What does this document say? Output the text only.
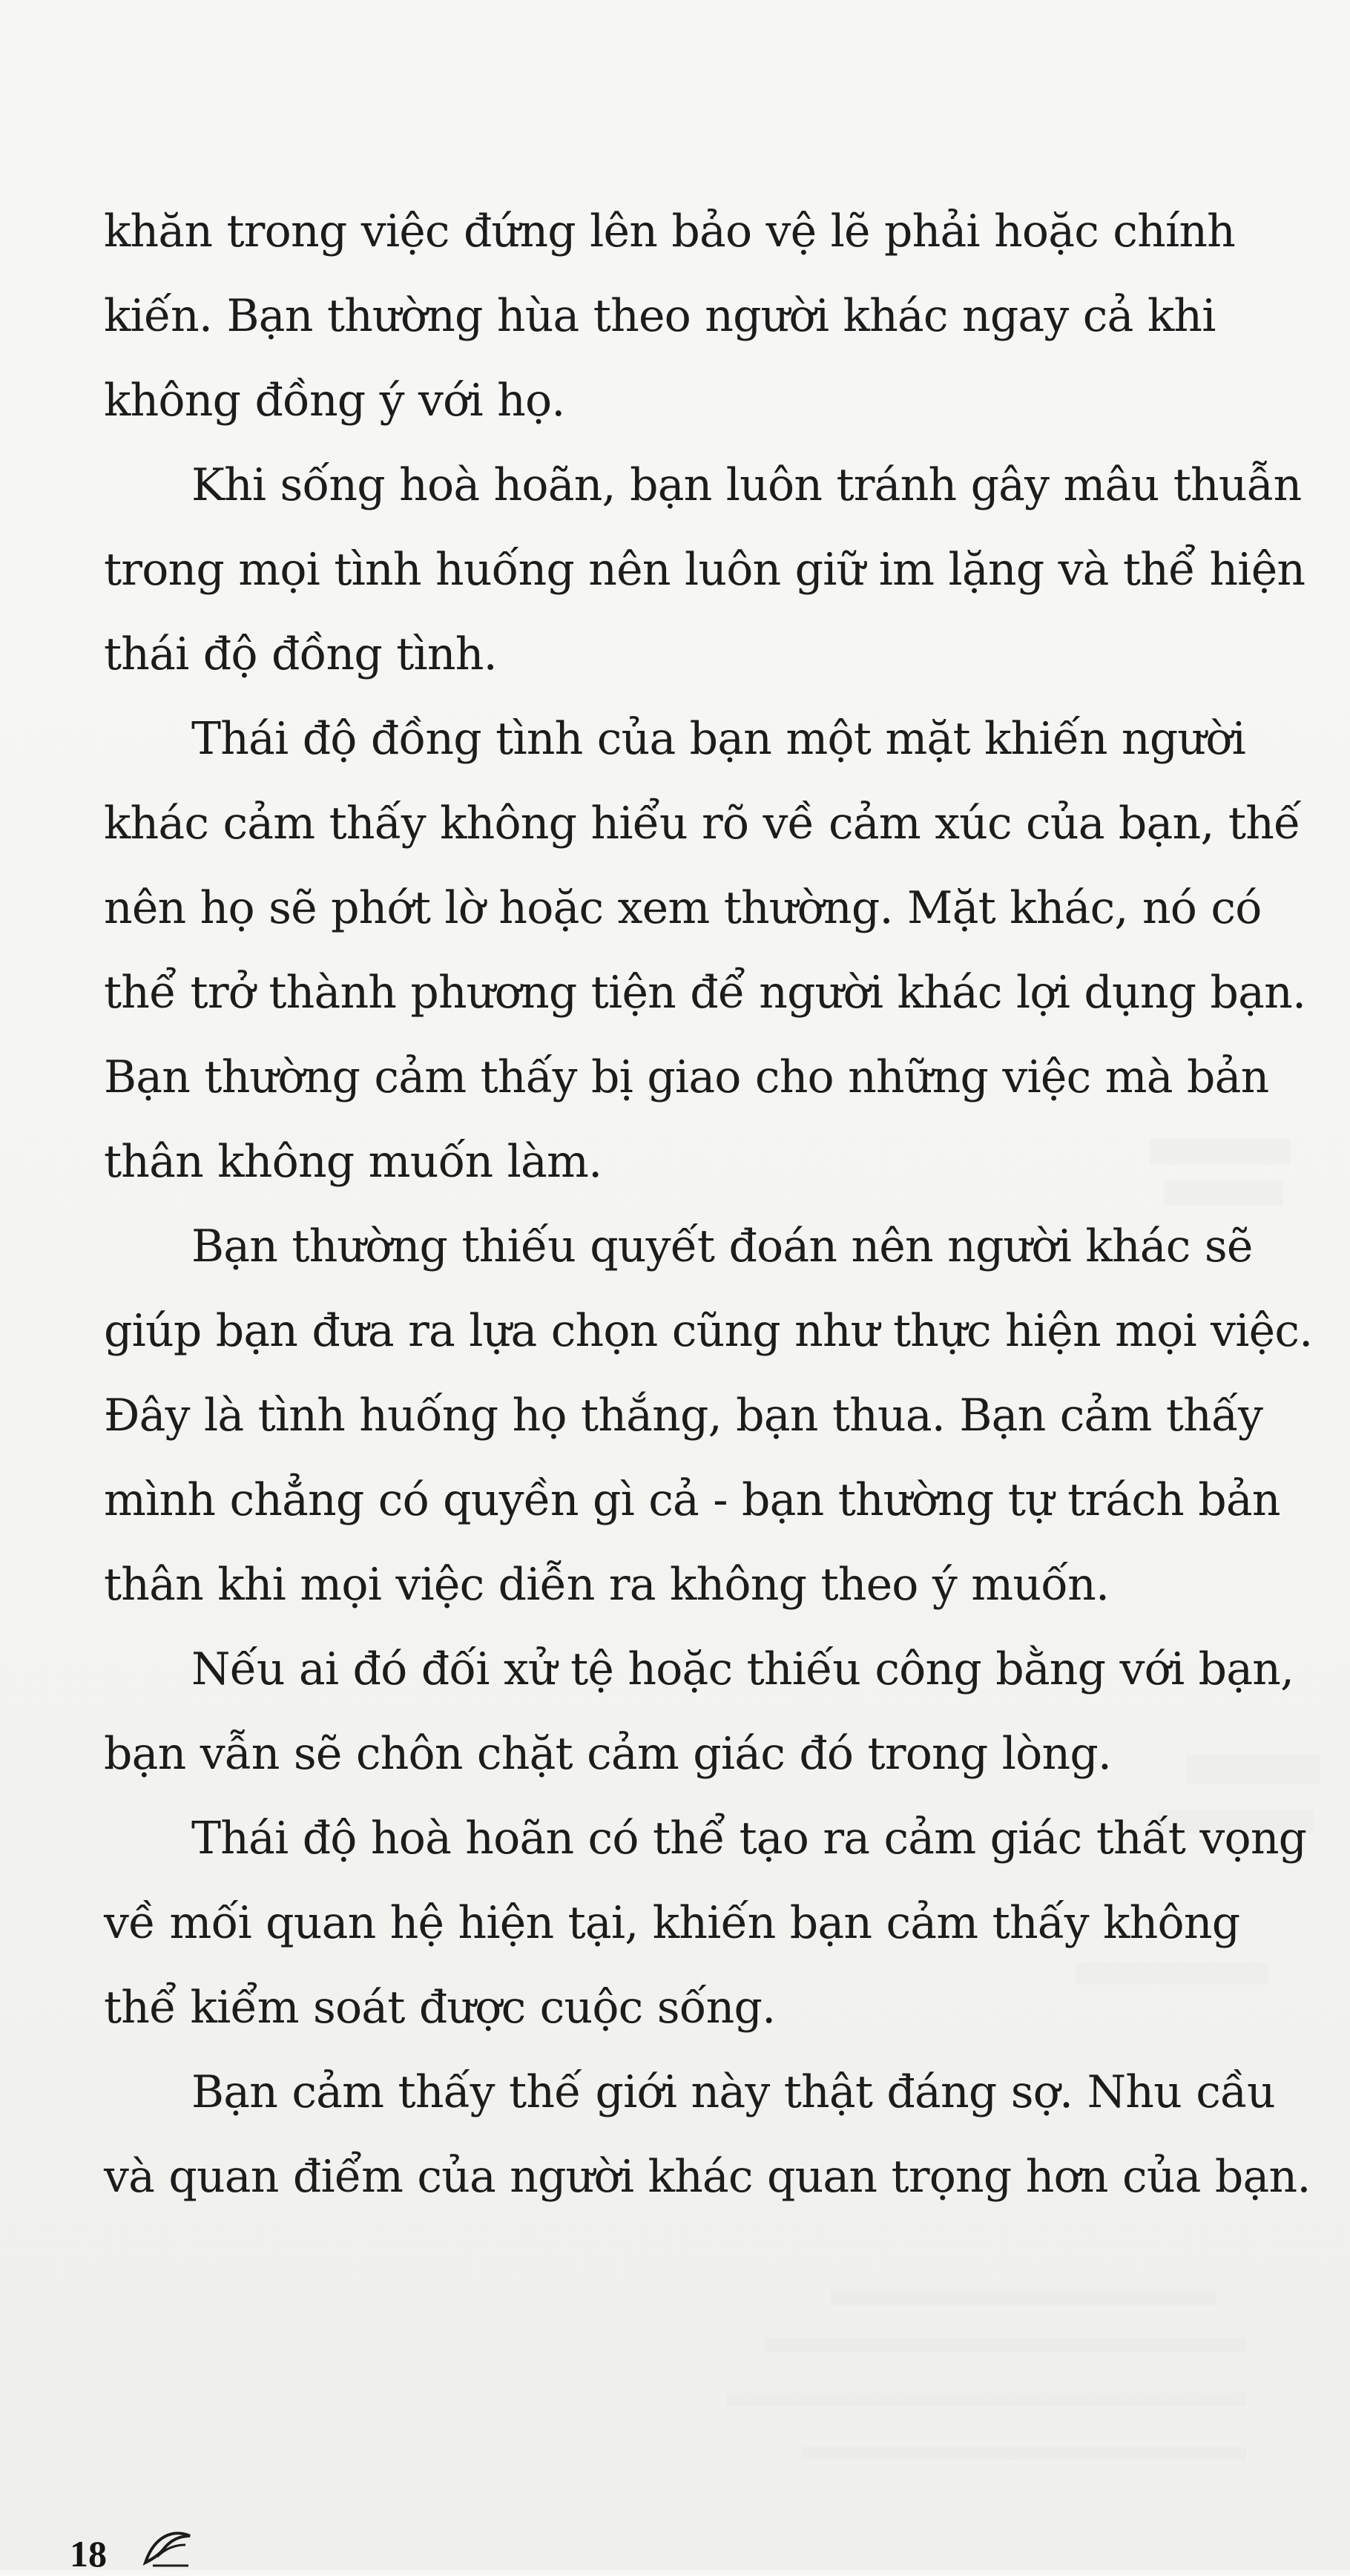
khăn trong việc đứng lên bảo vệ lẽ phải hoặc chính
kiến. Bạn thường hùa theo người khác ngay cả khi
không đồng ý với họ.

Khi sống hoà hoãn, bạn luôn tránh gây mâu thuẫn
trong mọi tình huống nên luôn giữ im lặng và thể hiện
thái độ đồng tình.

Thái độ đồng tình của bạn một mặt khiến người
khác cảm thấy không hiểu rõ về cảm xúc của bạn, thế
nên họ sẽ phớt lờ hoặc xem thường. Mặt khác, nó có
thể trở thành phương tiện để người khác lợi dụng bạn.
Bạn thường cảm thấy bị giao cho những việc mà bản
thân không muốn làm.

Bạn thường thiếu quyết đoán nên người khác sẽ
giúp bạn đưa ra lựa chọn cũng như thực hiện mọi việc.
Đây là tình huống họ thắng, bạn thua. Bạn cảm thấy
mình chẳng có quyền gì cả - bạn thường tự trách bản
thân khi mọi việc diễn ra không theo ý muốn.

Nếu ai đó đối xử tệ hoặc thiếu công bằng với bạn,
bạn vẫn sẽ chôn chặt cảm giác đó trong lòng.

Thái độ hoà hoãn có thể tạo ra cảm giác thất vọng
về mối quan hệ hiện tại, khiến bạn cảm thấy không
thể kiểm soát được cuộc sống.

Bạn cảm thấy thế giới này thật đáng sợ. Nhu cầu
và quan điểm của người khác quan trọng hơn của bạn.

18
